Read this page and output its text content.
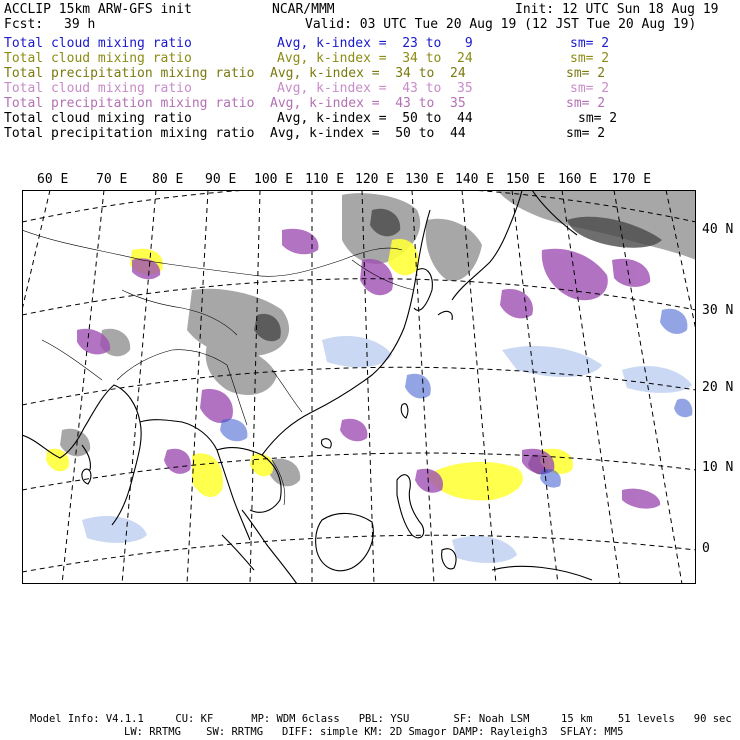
ACCLIP 15km ARW-GFS init	NCAR/MMM	Init: 12 UTC Sun 18 Aug 19
Fcst: 39 h	Valid: 03 UTC Tue 20 Aug 19 (12 JST Tue 20 Aug 19)
Total cloud mixing ratio	Avg, k-index =  23 to   9	sm= 2
Total cloud mixing ratio	Avg, k-index =  34 to  24	sm= 2
Total precipitation mixing ratio Avg, k-index =  34 to  24	sm= 2
Total cloud mixing ratio	Avg, k-index =  43 to  35	sm= 2
Total precipitation mixing ratio Avg, k-index =  43 to  35	sm= 2
Total cloud mixing ratio	Avg, k-index =  50 to  44	sm= 2
Total precipitation mixing ratio Avg, k-index =  50 to  44	sm= 2
60 E 70 E 80 E 90 E 100 E 110 E 120 E 130 E 140 E 150 E 160 E 170 E
40 N
30 N
20 N
10 N
0
Model Info: V4.1.1     CU: KF      MP: WDM 6class   PBL: YSU       SF: Noah LSM     15 km    51 levels   90 sec
LW: RRTMG    SW: RRTMG   DIFF: simple KM: 2D Smagor DAMP: Rayleigh3  SFLAY: MM5
